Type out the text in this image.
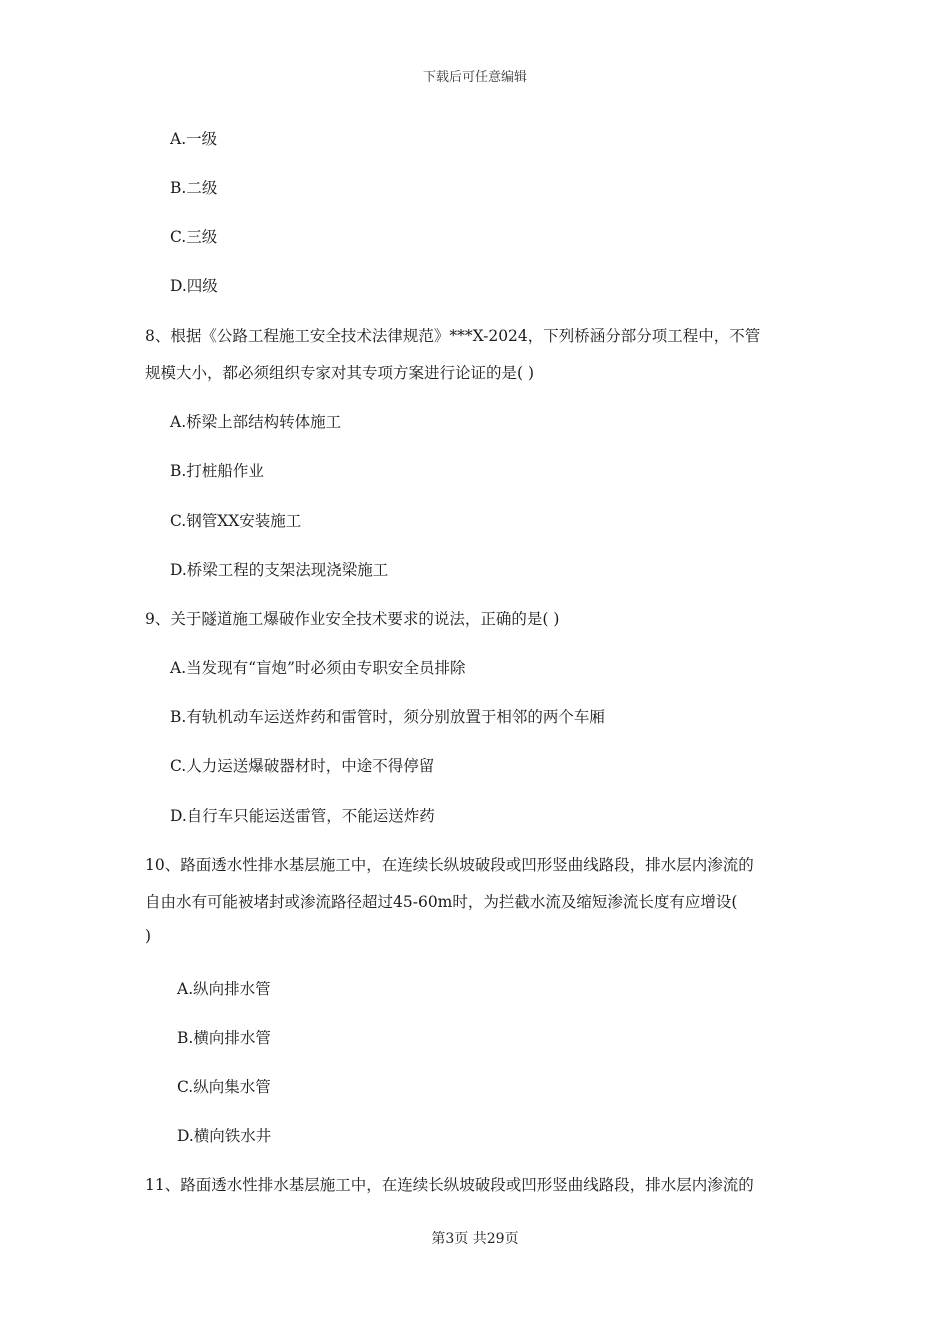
下载后可任意编辑
A.一级
B.二级
C.三级
D.四级
8、根据《公路工程施工安全技术法律规范》***X-2024，下列桥涵分部分项工程中，不管
规模大小，都必须组织专家对其专项方案进行论证的是( )
A.桥梁上部结构转体施工
B.打桩船作业
C.钢管XX安装施工
D.桥梁工程的支架法现浇梁施工
9、关于隧道施工爆破作业安全技术要求的说法，正确的是( )
A.当发现有“盲炮”时必须由专职安全员排除
B.有轨机动车运送炸药和雷管时，须分别放置于相邻的两个车厢
C.人力运送爆破器材时，中途不得停留
D.自行车只能运送雷管，不能运送炸药
10、路面透水性排水基层施工中，在连续长纵坡破段或凹形竖曲线路段，排水层内渗流的
自由水有可能被堵封或渗流路径超过45-60m时，为拦截水流及缩短渗流长度有应增设(
)
A.纵向排水管
B.横向排水管
C.纵向集水管
D.横向铁水井
11、路面透水性排水基层施工中，在连续长纵坡破段或凹形竖曲线路段，排水层内渗流的
第3页 共29页
